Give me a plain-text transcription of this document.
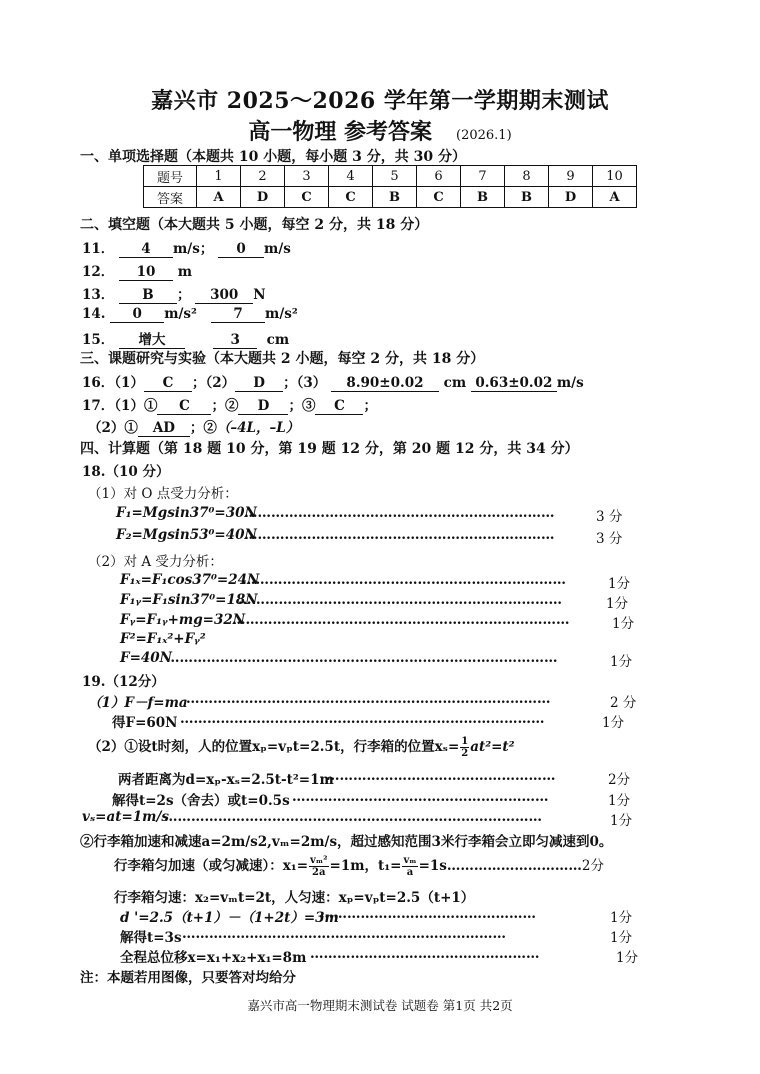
嘉兴市 2025～2026 学年第一学期期末测试
高一物理 参考答案 (2026.1)
一、单项选择题（本题共 10 小题，每小题 3 分，共 30 分）
题号	1	2	3	4	5	6	7	8	9	10
答案	A	D	C	C	B	C	B	B	D	A
二、填空题（本大题共 5 小题，每空 2 分，共 18 分）
11． 4 m/s； 0 m/s
12． 10 m
13． B ； 300 N
14. 0 m/s²	7 m/s²
15． 增大	3 cm
三、课题研究与实验（本大题共 2 小题，每空 2 分，共 18 分）
16．（1） C ；（2） D ；（3） 8.90±0.02 cm 0.63±0.02 m/s
17．（1）① C ；② D ；③ C ；
（2）① AD ；②（–4L，–L）
四、计算题（第 18 题 10 分，第 19 题 12 分，第 20 题 12 分，共 34 分）
18.（10 分）
（1）对 O 点受力分析：
F₁=Mgsin37⁰=30N
……………………………………………………………	3 分
F₂=Mgsin53⁰=40N
……………………………………………………………	3 分
（2）对 A 受力分析：
F₁ₓ=F₁cos37⁰=24N
………………………………………………………………	1分
F₁ᵧ=F₁sin37⁰=18N
………………………………………………………………	1分
Fᵧ=F₁ᵧ+mg=32N
…………………………………………………………………	1分
F²=F₁ₓ²+Fᵧ²
F=40N
……………………………………………………………………………	1分
19.（12分）
（1）F－f=ma
………………………………………………………………………	2 分
得F=60N ………………………………………………………………………	1分
（2）①设t时刻，人的位置xₚ=vₚt=2.5t，行李箱的位置$x_s= \frac{1}{2} at^2=t^2$
两者距离为d=xₚ-xₛ=2.5t-t²=1m
……………………………………………	2分
解得t=2s（舍去）或t=0.5s …………………………………………………	1分
vₛ=at=1m/s
…………………………………………………………………………	1分
②行李箱加速和减速a=2m/s2,vₘ=2m/s，超过感知范围3米行李箱会立即匀减速到0。
行李箱匀加速（或匀减速）：$x_1= \frac{\text{vₘ²}}{2a} =1m$，$t_1= \frac{\text{vₘ}}{a}$ =1s…………………………2分
行李箱匀速：x₂=vₘt=2t，人匀速：xₚ=vₚt=2.5（t+1）
d '=2.5（t+1）－（1+2t）=3m
…………………………………………	1分
解得t=3s ………………………………………………………………	1分
全程总位移x=x₁+x₂+x₁=8m ……………………………………………	1分
注：本题若用图像，只要答对均给分
嘉兴市高一物理期末测试卷 试题卷 第1页 共2页
